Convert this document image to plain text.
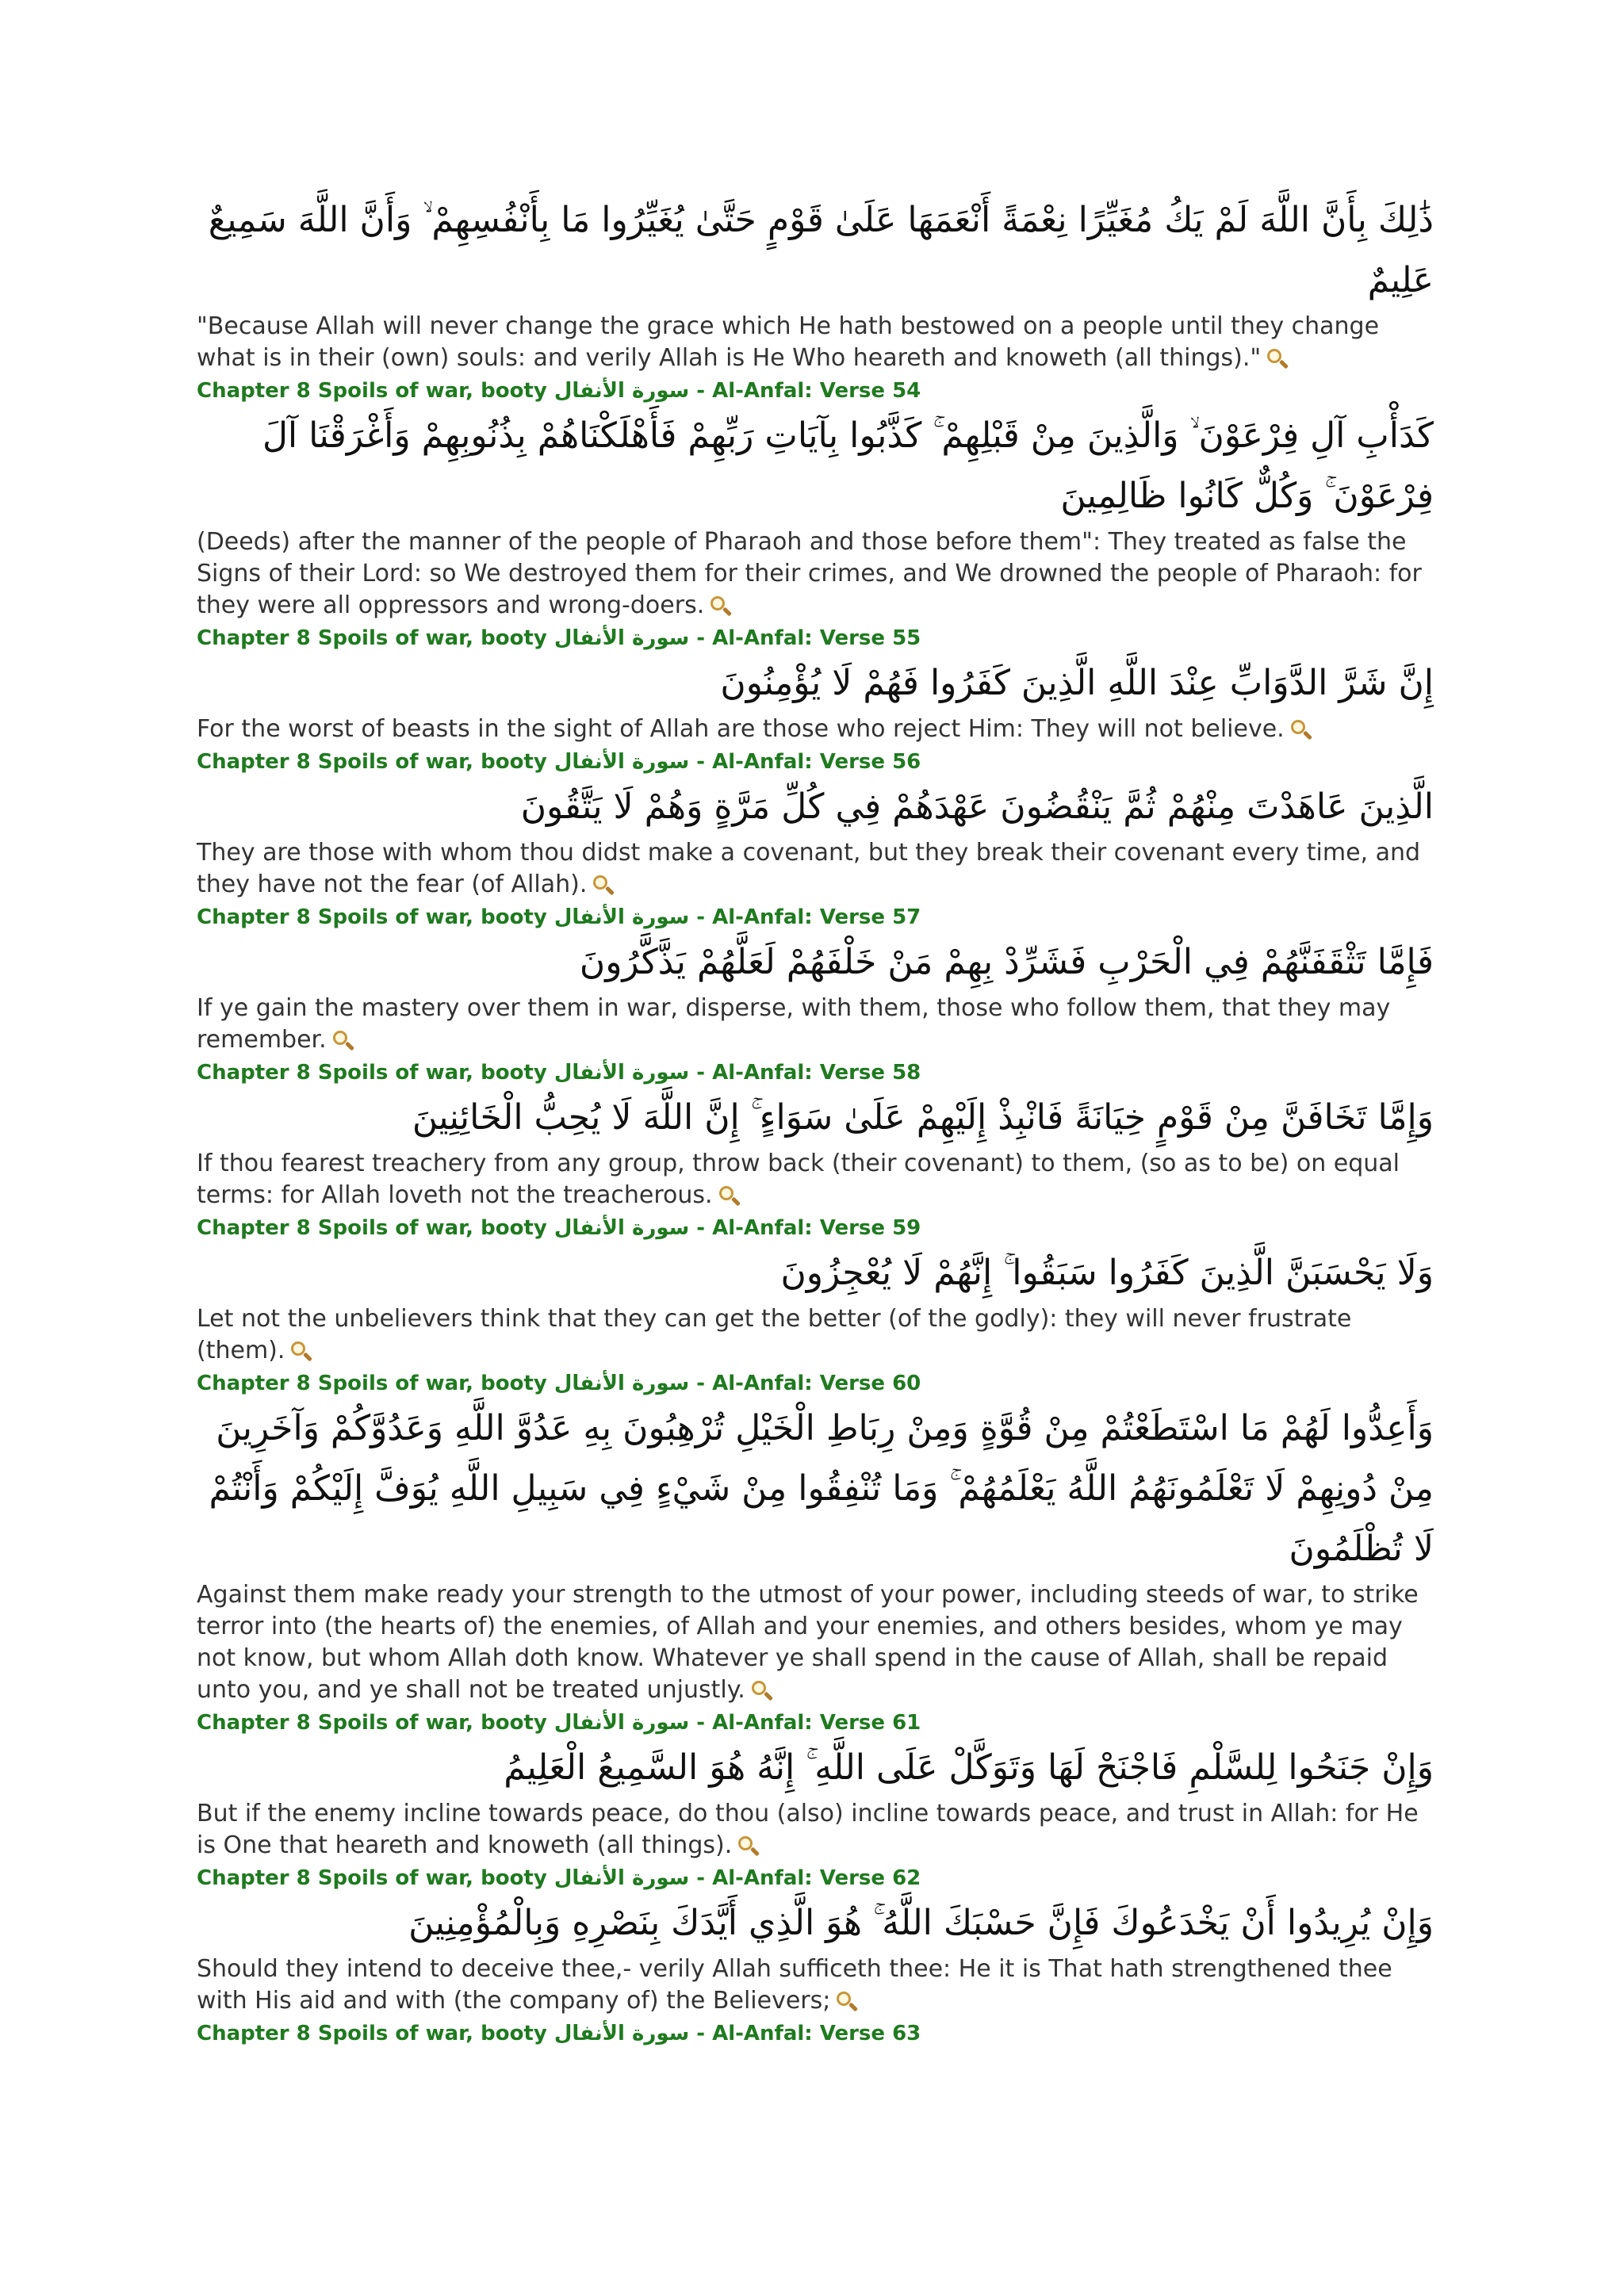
ذَٰلِكَ بِأَنَّ اللَّهَ لَمْ يَكُ مُغَيِّرًا نِعْمَةً أَنْعَمَهَا عَلَىٰ قَوْمٍ حَتَّىٰ يُغَيِّرُوا مَا بِأَنْفُسِهِمْ ۙ وَأَنَّ اللَّهَ سَمِيعٌ عَلِيمٌ
"Because Allah will never change the grace which He hath bestowed on a people until they change what is in their (own) souls: and verily Allah is He Who heareth and knoweth (all things)."
Chapter 8 Spoils of war, booty سورة الأنفال - Al-Anfal: Verse 54
كَدَأْبِ آلِ فِرْعَوْنَ ۙ وَالَّذِينَ مِنْ قَبْلِهِمْ ۚ كَذَّبُوا بِآيَاتِ رَبِّهِمْ فَأَهْلَكْنَاهُمْ بِذُنُوبِهِمْ وَأَغْرَقْنَا آلَ فِرْعَوْنَ ۚ وَكُلٌّ كَانُوا ظَالِمِينَ
(Deeds) after the manner of the people of Pharaoh and those before them": They treated as false the Signs of their Lord: so We destroyed them for their crimes, and We drowned the people of Pharaoh: for they were all oppressors and wrong-doers.
Chapter 8 Spoils of war, booty سورة الأنفال - Al-Anfal: Verse 55
إِنَّ شَرَّ الدَّوَابِّ عِنْدَ اللَّهِ الَّذِينَ كَفَرُوا فَهُمْ لَا يُؤْمِنُونَ
For the worst of beasts in the sight of Allah are those who reject Him: They will not believe.
Chapter 8 Spoils of war, booty سورة الأنفال - Al-Anfal: Verse 56
الَّذِينَ عَاهَدْتَ مِنْهُمْ ثُمَّ يَنْقُضُونَ عَهْدَهُمْ فِي كُلِّ مَرَّةٍ وَهُمْ لَا يَتَّقُونَ
They are those with whom thou didst make a covenant, but they break their covenant every time, and they have not the fear (of Allah).
Chapter 8 Spoils of war, booty سورة الأنفال - Al-Anfal: Verse 57
فَإِمَّا تَثْقَفَنَّهُمْ فِي الْحَرْبِ فَشَرِّدْ بِهِمْ مَنْ خَلْفَهُمْ لَعَلَّهُمْ يَذَّكَّرُونَ
If ye gain the mastery over them in war, disperse, with them, those who follow them, that they may remember.
Chapter 8 Spoils of war, booty سورة الأنفال - Al-Anfal: Verse 58
وَإِمَّا تَخَافَنَّ مِنْ قَوْمٍ خِيَانَةً فَانْبِذْ إِلَيْهِمْ عَلَىٰ سَوَاءٍ ۚ إِنَّ اللَّهَ لَا يُحِبُّ الْخَائِنِينَ
If thou fearest treachery from any group, throw back (their covenant) to them, (so as to be) on equal terms: for Allah loveth not the treacherous.
Chapter 8 Spoils of war, booty سورة الأنفال - Al-Anfal: Verse 59
وَلَا يَحْسَبَنَّ الَّذِينَ كَفَرُوا سَبَقُوا ۚ إِنَّهُمْ لَا يُعْجِزُونَ
Let not the unbelievers think that they can get the better (of the godly): they will never frustrate (them).
Chapter 8 Spoils of war, booty سورة الأنفال - Al-Anfal: Verse 60
وَأَعِدُّوا لَهُمْ مَا اسْتَطَعْتُمْ مِنْ قُوَّةٍ وَمِنْ رِبَاطِ الْخَيْلِ تُرْهِبُونَ بِهِ عَدُوَّ اللَّهِ وَعَدُوَّكُمْ وَآخَرِينَ مِنْ دُونِهِمْ لَا تَعْلَمُونَهُمُ اللَّهُ يَعْلَمُهُمْ ۚ وَمَا تُنْفِقُوا مِنْ شَيْءٍ فِي سَبِيلِ اللَّهِ يُوَفَّ إِلَيْكُمْ وَأَنْتُمْ لَا تُظْلَمُونَ
Against them make ready your strength to the utmost of your power, including steeds of war, to strike terror into (the hearts of) the enemies, of Allah and your enemies, and others besides, whom ye may not know, but whom Allah doth know. Whatever ye shall spend in the cause of Allah, shall be repaid unto you, and ye shall not be treated unjustly.
Chapter 8 Spoils of war, booty سورة الأنفال - Al-Anfal: Verse 61
وَإِنْ جَنَحُوا لِلسَّلْمِ فَاجْنَحْ لَهَا وَتَوَكَّلْ عَلَى اللَّهِ ۚ إِنَّهُ هُوَ السَّمِيعُ الْعَلِيمُ
But if the enemy incline towards peace, do thou (also) incline towards peace, and trust in Allah: for He is One that heareth and knoweth (all things).
Chapter 8 Spoils of war, booty سورة الأنفال - Al-Anfal: Verse 62
وَإِنْ يُرِيدُوا أَنْ يَخْدَعُوكَ فَإِنَّ حَسْبَكَ اللَّهُ ۚ هُوَ الَّذِي أَيَّدَكَ بِنَصْرِهِ وَبِالْمُؤْمِنِينَ
Should they intend to deceive thee,- verily Allah sufficeth thee: He it is That hath strengthened thee with His aid and with (the company of) the Believers;
Chapter 8 Spoils of war, booty سورة الأنفال - Al-Anfal: Verse 63
